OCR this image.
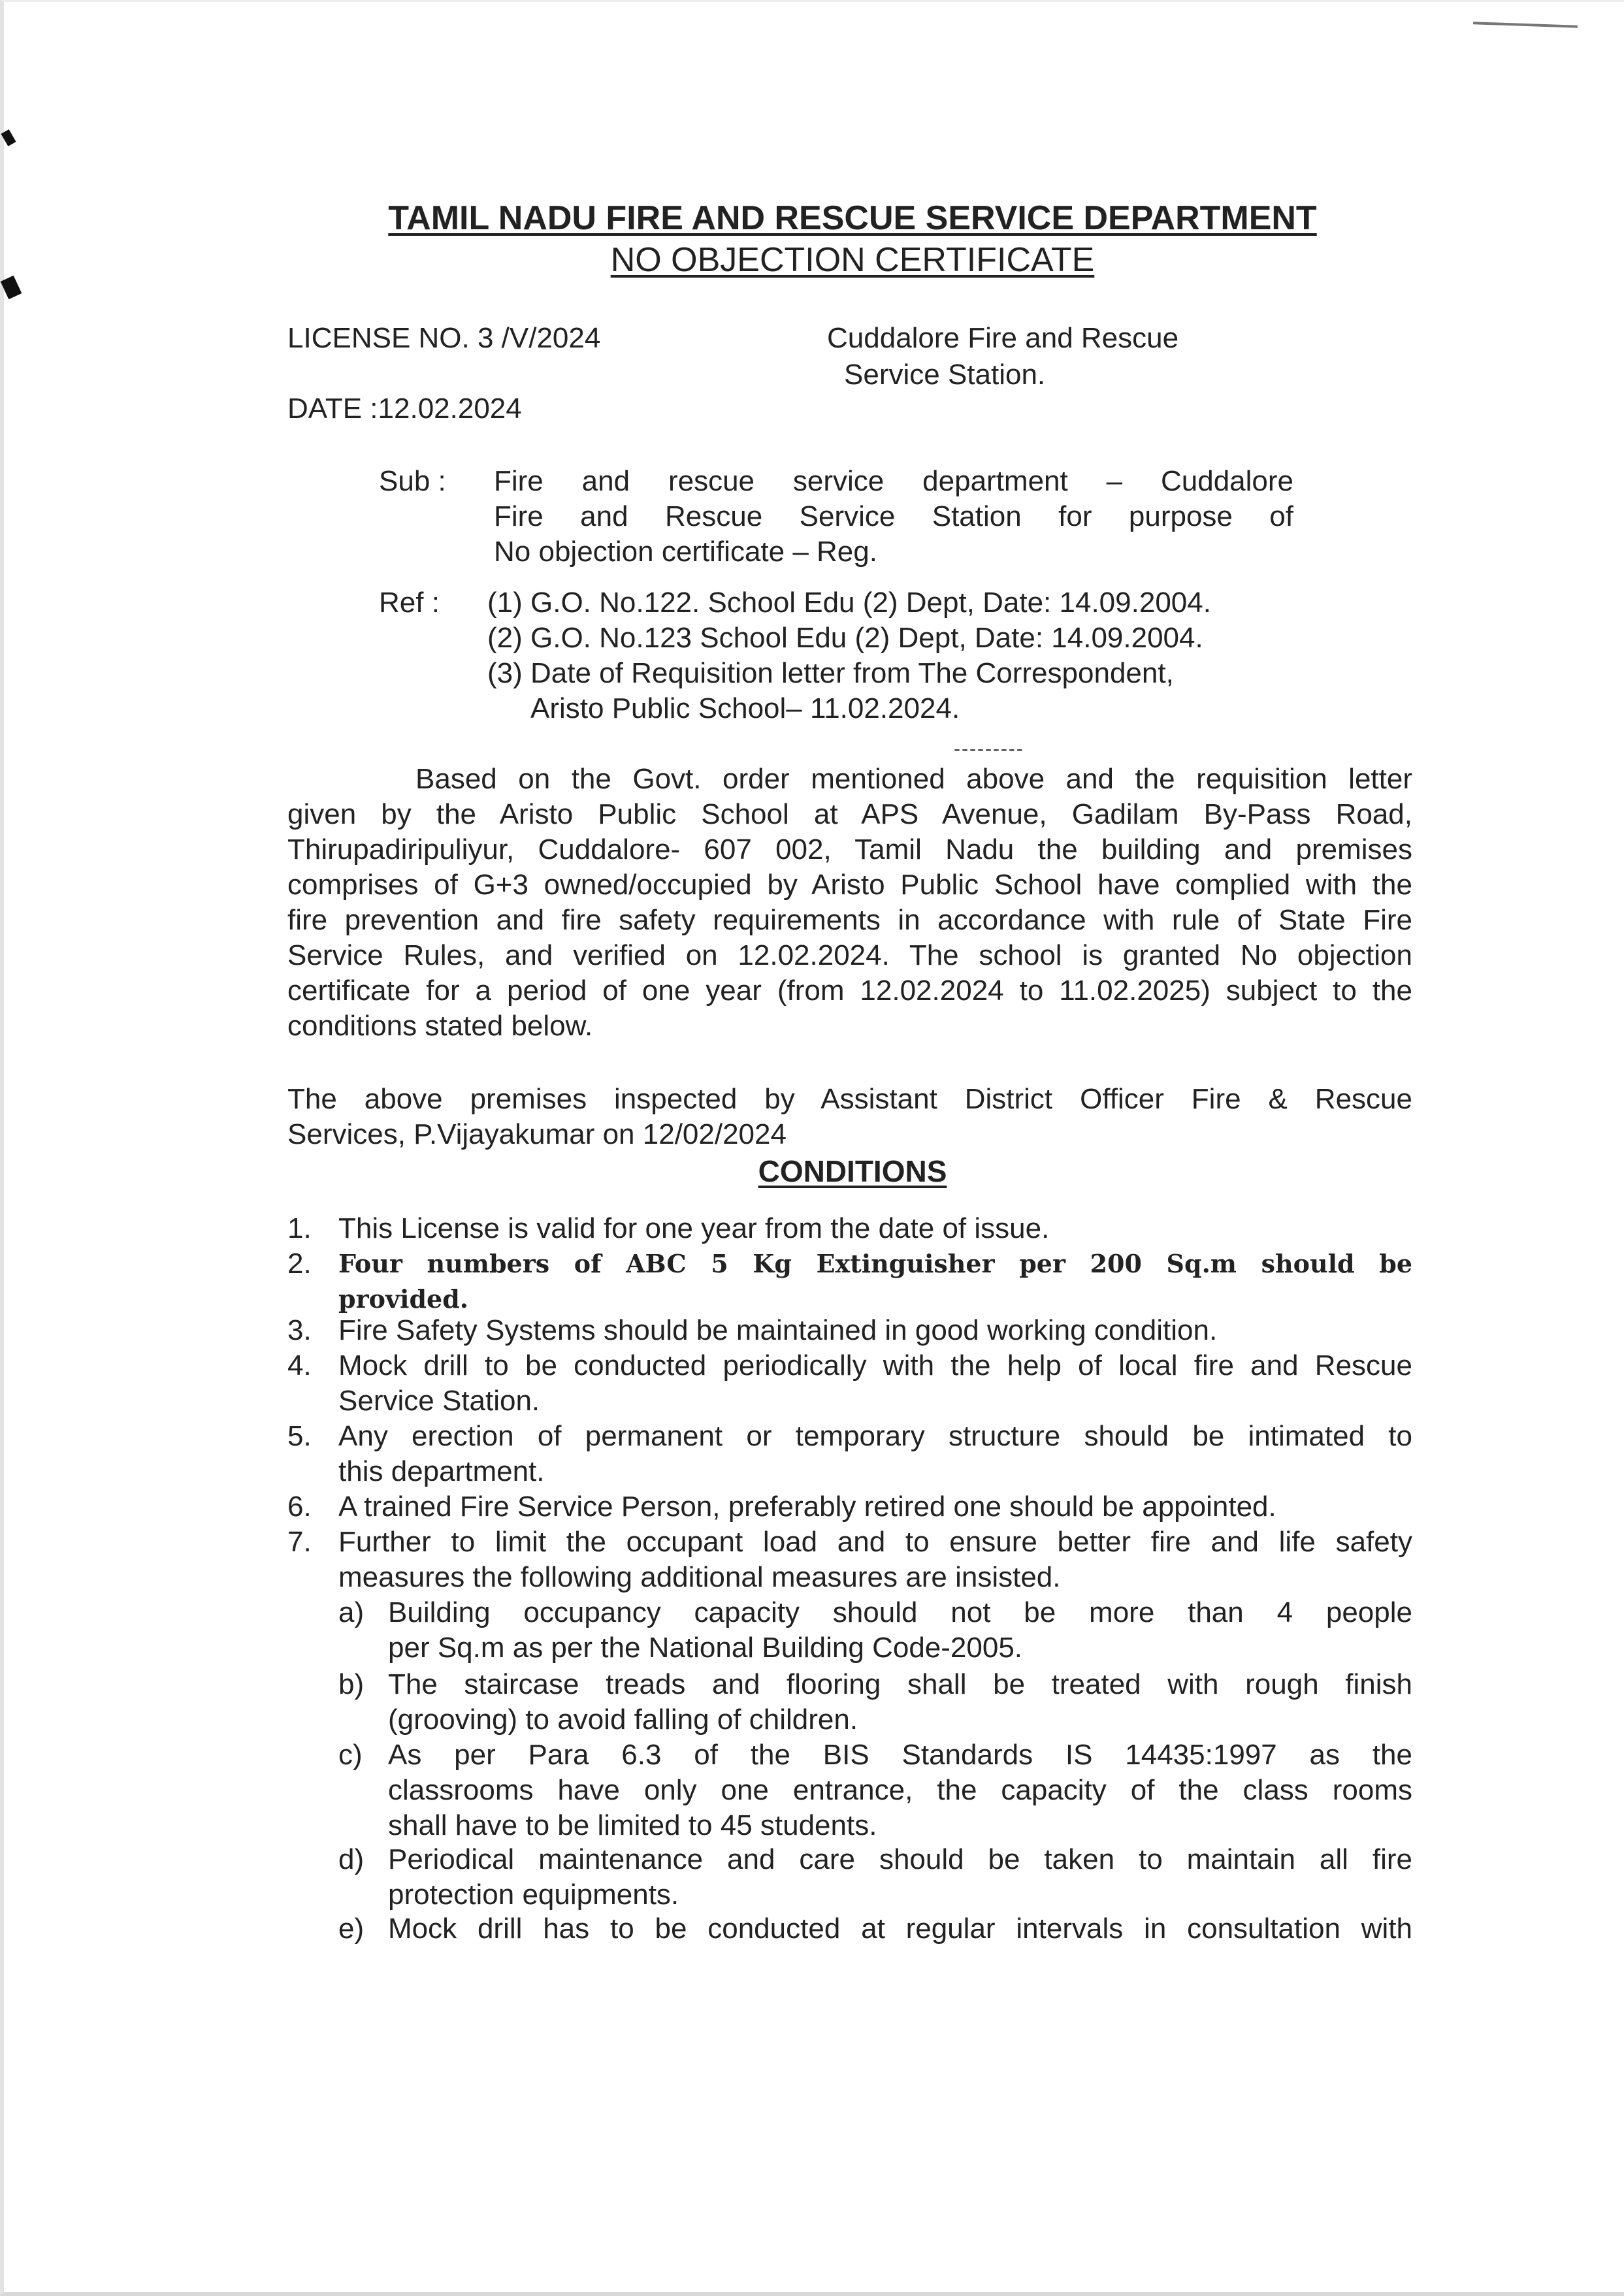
TAMIL NADU FIRE AND RESCUE SERVICE DEPARTMENT
NO OBJECTION CERTIFICATE
LICENSE NO. 3 /V/2024	Cuddalore Fire and Rescue
Service Station.
DATE :12.02.2024
Sub : Fire and rescue service department – Cuddalore
Fire and Rescue Service Station for purpose of
No objection certificate – Reg.
Ref : (1) G.O. No.122. School Edu (2) Dept, Date: 14.09.2004.
(2) G.O. No.123 School Edu (2) Dept, Date: 14.09.2004.
(3) Date of Requisition letter from The Correspondent,
Aristo Public School– 11.02.2024.
---------
Based on the Govt. order mentioned above and the requisition letter
given by the Aristo Public School at APS Avenue, Gadilam By-Pass Road,
Thirupadiripuliyur, Cuddalore- 607 002, Tamil Nadu the building and premises
comprises of G+3 owned/occupied by Aristo Public School have complied with the
fire prevention and fire safety requirements in accordance with rule of State Fire
Service Rules, and verified on 12.02.2024. The school is granted No objection
certificate for a period of one year (from 12.02.2024 to 11.02.2025) subject to the
conditions stated below.
The above premises inspected by Assistant District Officer Fire & Rescue
Services, P.Vijayakumar on 12/02/2024
CONDITIONS
1. This License is valid for one year from the date of issue.
2. Four numbers of ABC 5 Kg Extinguisher per 200 Sq.m should be
provided.
3. Fire Safety Systems should be maintained in good working condition.
4. Mock drill to be conducted periodically with the help of local fire and Rescue
Service Station.
5. Any erection of permanent or temporary structure should be intimated to
this department.
6. A trained Fire Service Person, preferably retired one should be appointed.
7. Further to limit the occupant load and to ensure better fire and life safety
measures the following additional measures are insisted.
a) Building occupancy capacity should not be more than 4 people
per Sq.m as per the National Building Code-2005.
b) The staircase treads and flooring shall be treated with rough finish
(grooving) to avoid falling of children.
c) As per Para 6.3 of the BIS Standards IS 14435:1997 as the
classrooms have only one entrance, the capacity of the class rooms
shall have to be limited to 45 students.
d) Periodical maintenance and care should be taken to maintain all fire
protection equipments.
e) Mock drill has to be conducted at regular intervals in consultation with
